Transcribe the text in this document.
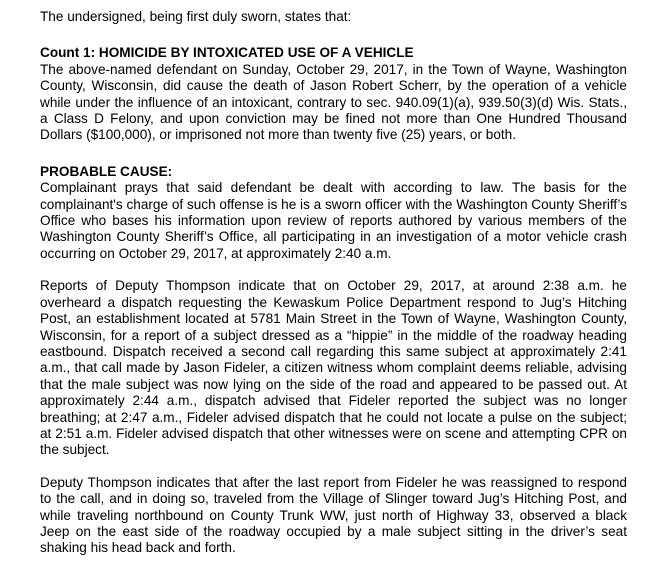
The undersigned, being first duly sworn, states that:

Count 1: HOMICIDE BY INTOXICATED USE OF A VEHICLE

The above-named defendant on Sunday, October 29, 2017, in the Town of Wayne, Washington County, Wisconsin, did cause the death of Jason Robert Scherr, by the operation of a vehicle while under the influence of an intoxicant, contrary to sec. 940.09(1)(a), 939.50(3)(d) Wis. Stats., a Class D Felony, and upon conviction may be fined not more than One Hundred Thousand Dollars ($100,000), or imprisoned not more than twenty five (25) years, or both.

PROBABLE CAUSE:

Complainant prays that said defendant be dealt with according to law. The basis for the complainant's charge of such offense is he is a sworn officer with the Washington County Sheriff’s Office who bases his information upon review of reports authored by various members of the Washington County Sheriff’s Office, all participating in an investigation of a motor vehicle crash occurring on October 29, 2017, at approximately 2:40 a.m.

Reports of Deputy Thompson indicate that on October 29, 2017, at around 2:38 a.m. he overheard a dispatch requesting the Kewaskum Police Department respond to Jug’s Hitching Post, an establishment located at 5781 Main Street in the Town of Wayne, Washington County, Wisconsin, for a report of a subject dressed as a “hippie” in the middle of the roadway heading eastbound. Dispatch received a second call regarding this same subject at approximately 2:41 a.m., that call made by Jason Fideler, a citizen witness whom complaint deems reliable, advising that the male subject was now lying on the side of the road and appeared to be passed out. At approximately 2:44 a.m., dispatch advised that Fideler reported the subject was no longer breathing; at 2:47 a.m., Fideler advised dispatch that he could not locate a pulse on the subject; at 2:51 a.m. Fideler advised dispatch that other witnesses were on scene and attempting CPR on the subject.

Deputy Thompson indicates that after the last report from Fideler he was reassigned to respond to the call, and in doing so, traveled from the Village of Slinger toward Jug’s Hitching Post, and while traveling northbound on County Trunk WW, just north of Highway 33, observed a black Jeep on the east side of the roadway occupied by a male subject sitting in the driver’s seat shaking his head back and forth.
